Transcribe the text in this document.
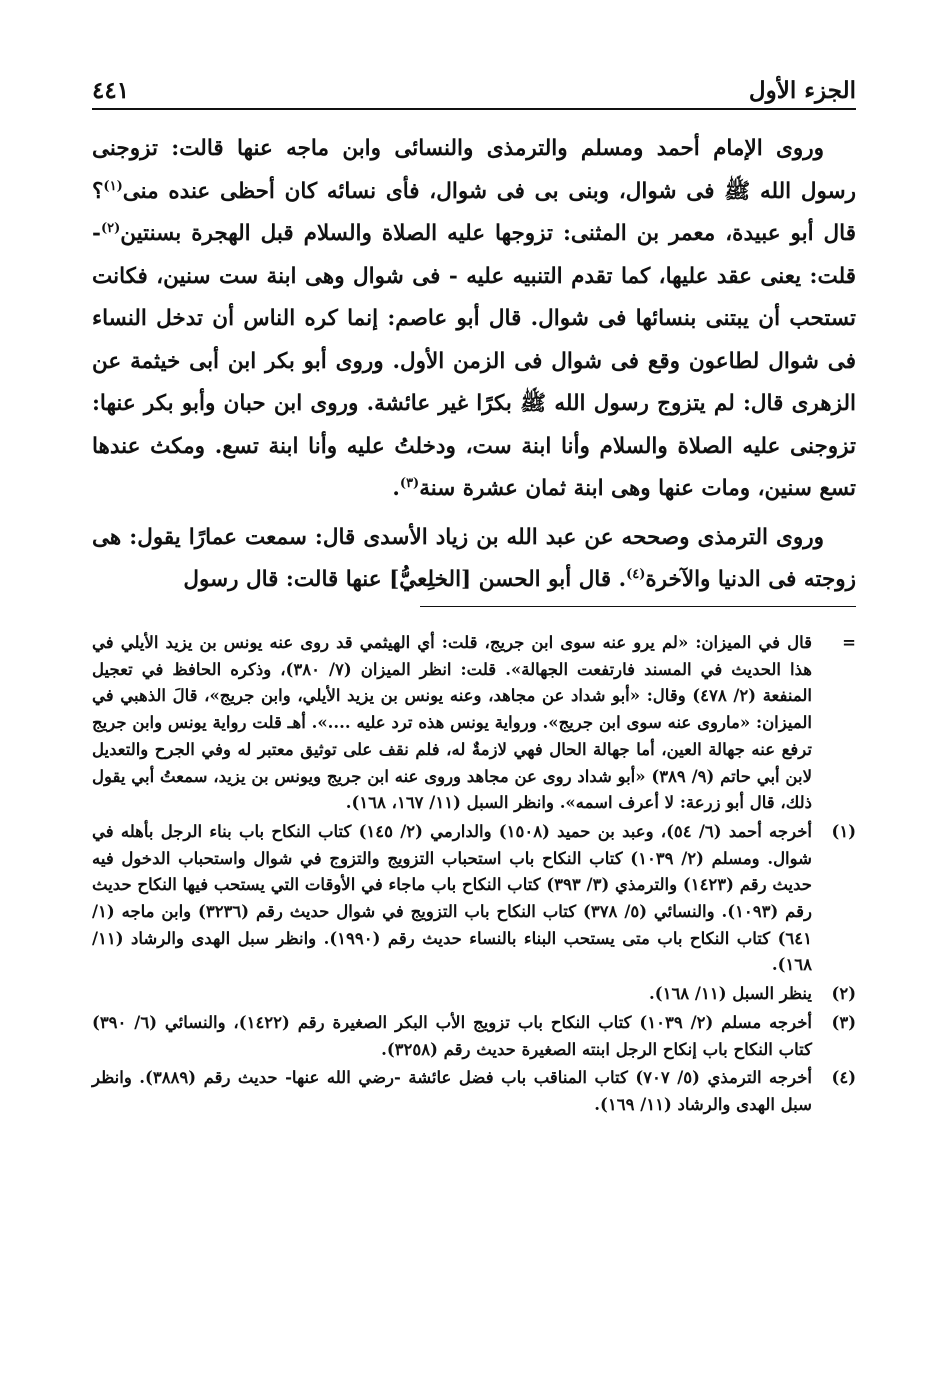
الجزء الأول
٤٤١

وروى الإمام أحمد ومسلم والترمذى والنسائى وابن ماجه عنها قالت: تزوجنى رسول الله ﷺ فى شوال، وبنى بى فى شوال، فأى نسائه كان أحظى عنده منى$^{(١)}$؟ قال أبو عبيدة، معمر بن المثنى: تزوجها عليه الصلاة والسلام قبل الهجرة بسنتين$^{(٢)}$- قلت: يعنى عقد عليها، كما تقدم التنبيه عليه - فى شوال وهى ابنة ست سنين، فكانت تستحب أن يبتنى بنسائها فى شوال. قال أبو عاصم: إنما كره الناس أن تدخل النساء فى شوال لطاعون وقع فى شوال فى الزمن الأول. وروى أبو بكر ابن أبى خيثمة عن الزهرى قال: لم يتزوج رسول الله ﷺ بكرًا غير عائشة. وروى ابن حبان وأبو بكر عنها: تزوجنى عليه الصلاة والسلام وأنا ابنة ست، ودخلتُ عليه وأنا ابنة تسع. ومكث عندها تسع سنين، ومات عنها وهى ابنة ثمان عشرة سنة$^{(٣)}$.

وروى الترمذى وصححه عن عبد الله بن زياد الأسدى قال: سمعت عمارًا يقول: هى زوجته فى الدنيا والآخرة$^{(٤)}$. قال أبو الحسن [الخلِعيُّ] عنها قالت: قال رسول

=
قال في الميزان: «لم يرو عنه سوى ابن جريج، قلت: أي الهيثمي قد روى عنه يونس بن يزيد الأيلي في هذا الحديث في المسند فارتفعت الجهالة». قلت: انظر الميزان (٧/ ٣٨٠)، وذكره الحافظ في تعجيل المنفعة (٢/ ٤٧٨) وقال: «أبو شداد عن مجاهد، وعنه يونس بن يزيد الأيلي، وابن جريج»، قالَ الذهبي في الميزان: «ماروى عنه سوى ابن جريج». ورواية يونس هذه ترد عليه ....». أهـ قلت رواية يونس وابن جريج ترفع عنه جهالة العين، أما جهالة الحال فهي لازمةٌ له، فلم نقف على توثيق معتبر له وفي الجرح والتعديل لابن أبي حاتم (٩/ ٣٨٩) «أبو شداد روى عن مجاهد وروى عنه ابن جريج ويونس بن يزيد، سمعتُ أبي يقول ذلك، قال أبو زرعة: لا أعرف اسمه». وانظر السبل (١١/ ١٦٧، ١٦٨).
(١)
أخرجه أحمد (٦/ ٥٤)، وعبد بن حميد (١٥٠٨) والدارمي (٢/ ١٤٥) كتاب النكاح باب بناء الرجل بأهله في شوال. ومسلم (٢/ ١٠٣٩) كتاب النكاح باب استحباب التزويج والتزوج في شوال واستحباب الدخول فيه حديث رقم (١٤٢٣) والترمذي (٣/ ٣٩٣) كتاب النكاح باب ماجاء في الأوقات التي يستحب فيها النكاح حديث رقم (١٠٩٣). والنسائي (٥/ ٣٧٨) كتاب النكاح باب التزويج في شوال حديث رقم (٣٢٣٦) وابن ماجه (١/ ٦٤١) كتاب النكاح باب متى يستحب البناء بالنساء حديث رقم (١٩٩٠). وانظر سبل الهدى والرشاد (١١/ ١٦٨).
(٢)
ينظر السبل (١١/ ١٦٨).
(٣)
أخرجه مسلم (٢/ ١٠٣٩) كتاب النكاح باب تزويج الأب البكر الصغيرة رقم (١٤٢٢)، والنسائي (٦/ ٣٩٠) كتاب النكاح باب إنكاح الرجل ابنته الصغيرة حديث رقم (٣٢٥٨).
(٤)
أخرجه الترمذي (٥/ ٧٠٧) كتاب المناقب باب فضل عائشة -رضي الله عنها- حديث رقم (٣٨٨٩). وانظر سبل الهدى والرشاد (١١/ ١٦٩).
